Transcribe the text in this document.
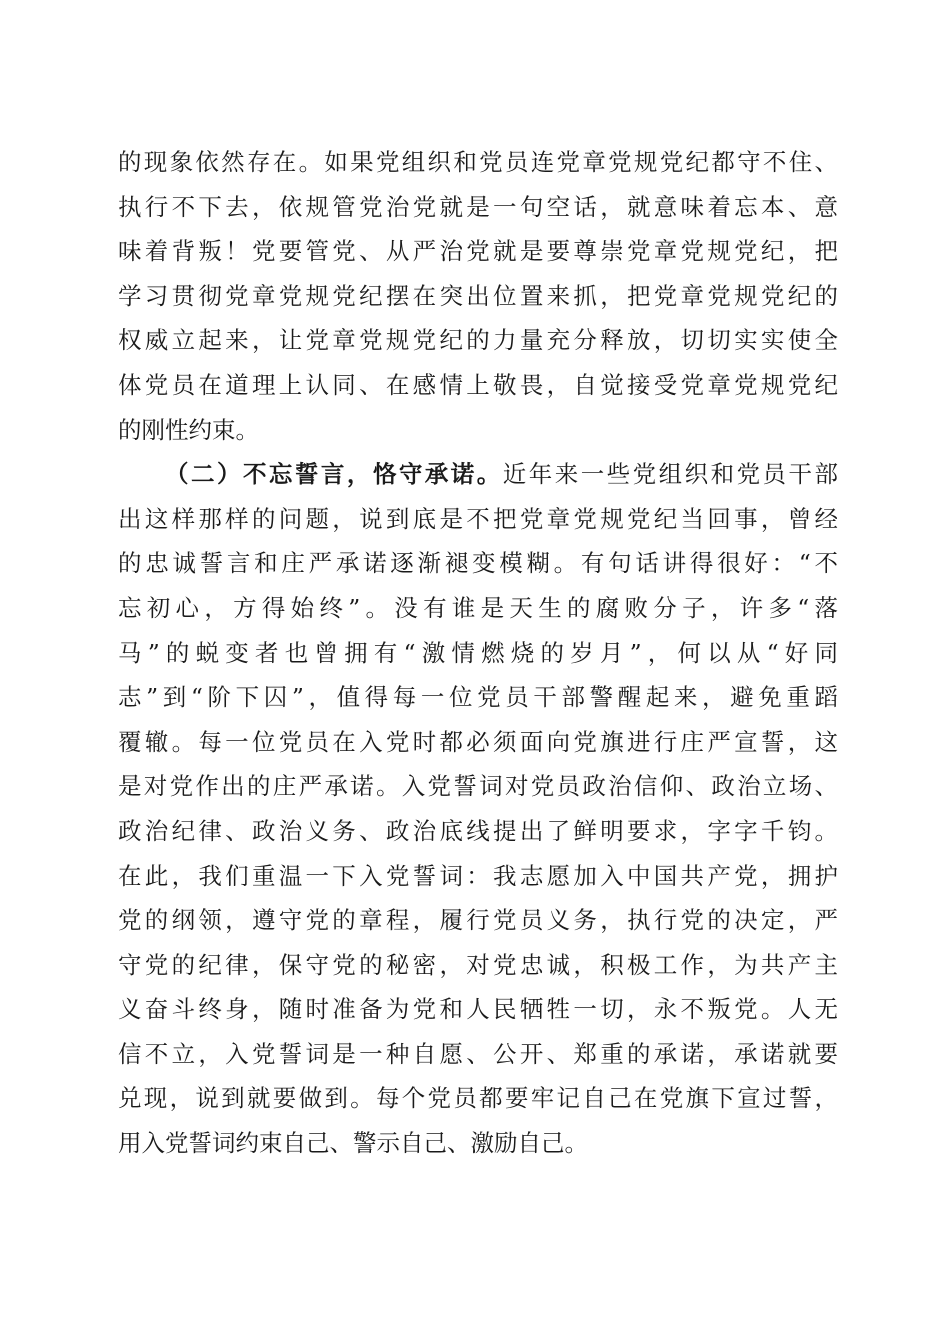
的现象依然存在。如果党组织和党员连党章党规党纪都守不住、
执行不下去，依规管党治党就是一句空话，就意味着忘本、意
味着背叛！党要管党、从严治党就是要尊崇党章党规党纪，把
学习贯彻党章党规党纪摆在突出位置来抓，把党章党规党纪的
权威立起来，让党章党规党纪的力量充分释放，切切实实使全
体党员在道理上认同、在感情上敬畏，自觉接受党章党规党纪
的刚性约束。
（二）不忘誓言，恪守承诺。近年来一些党组织和党员干部
出这样那样的问题，说到底是不把党章党规党纪当回事，曾经
的忠诚誓言和庄严承诺逐渐褪变模糊。有句话讲得很好：“不
忘初心，方得始终”。没有谁是天生的腐败分子，许多“落
马”的蜕变者也曾拥有“激情燃烧的岁月”，何以从“好同
志”到“阶下囚”，值得每一位党员干部警醒起来，避免重蹈
覆辙。每一位党员在入党时都必须面向党旗进行庄严宣誓，这
是对党作出的庄严承诺。入党誓词对党员政治信仰、政治立场、
政治纪律、政治义务、政治底线提出了鲜明要求，字字千钧。
在此，我们重温一下入党誓词：我志愿加入中国共产党，拥护
党的纲领，遵守党的章程，履行党员义务，执行党的决定，严
守党的纪律，保守党的秘密，对党忠诚，积极工作，为共产主
义奋斗终身，随时准备为党和人民牺牲一切，永不叛党。人无
信不立，入党誓词是一种自愿、公开、郑重的承诺，承诺就要
兑现，说到就要做到。每个党员都要牢记自己在党旗下宣过誓，
用入党誓词约束自己、警示自己、激励自己。
